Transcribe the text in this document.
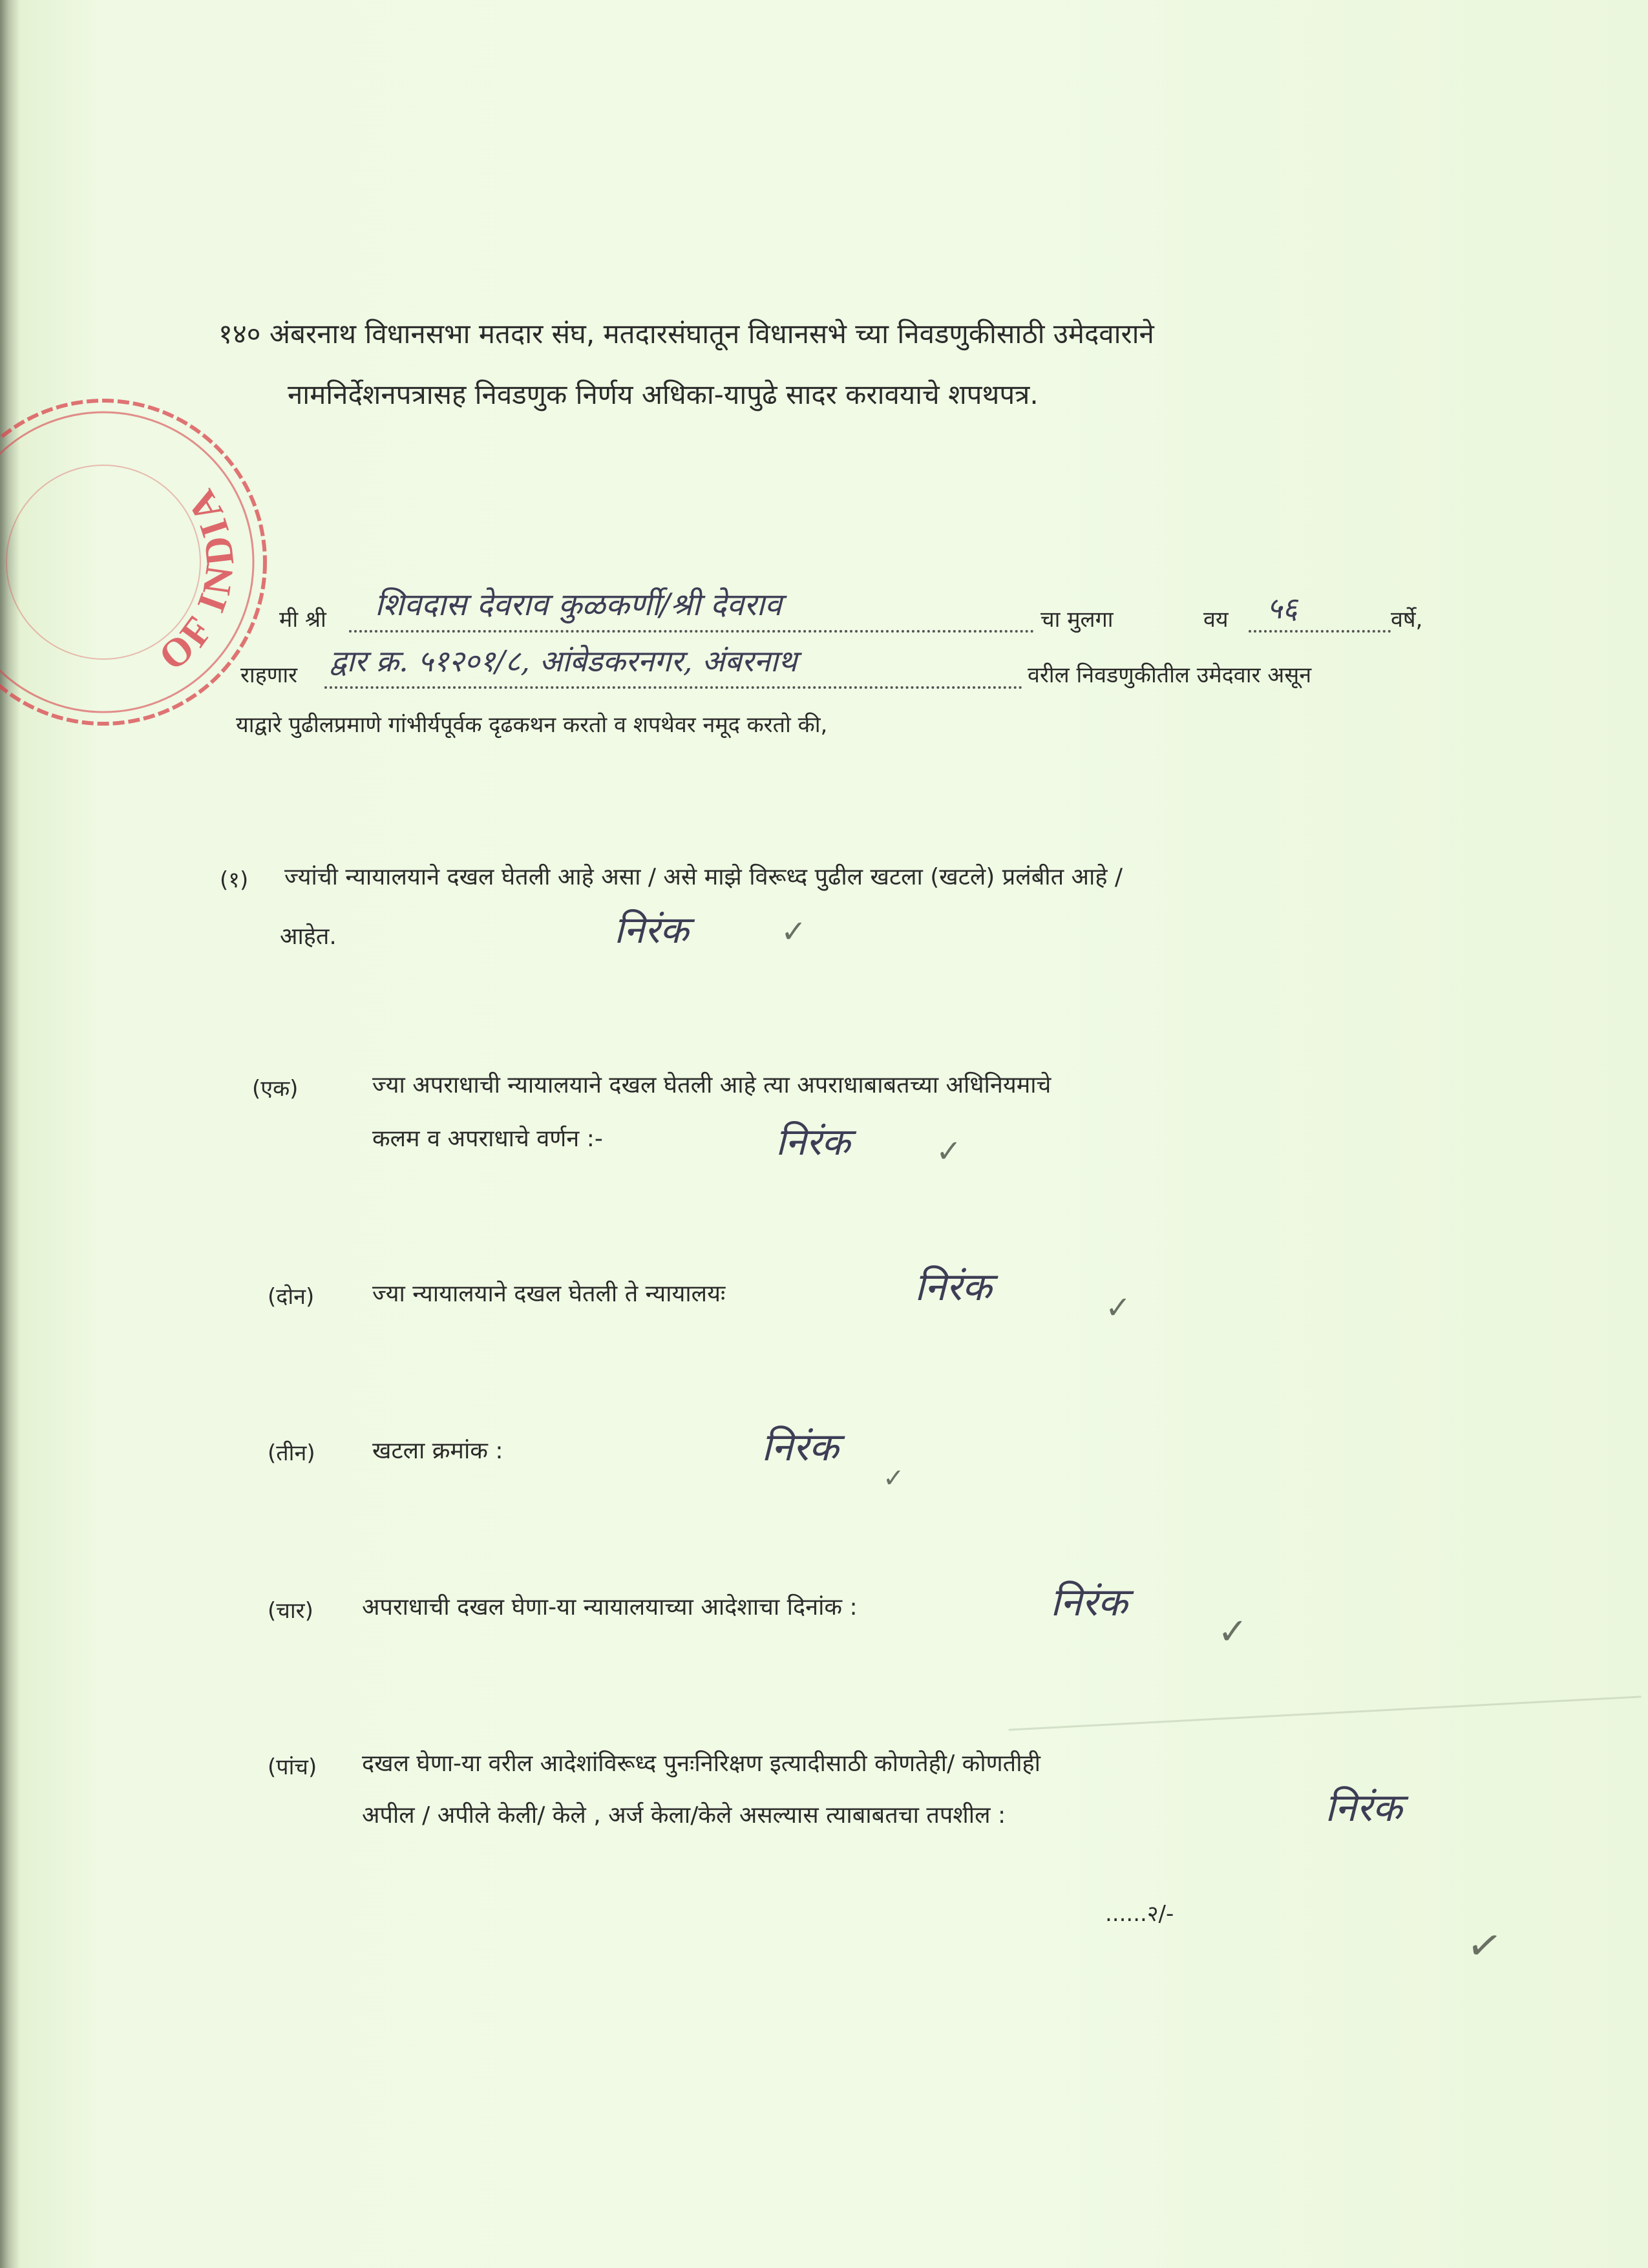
OF INDIA
१४० अंबरनाथ विधानसभा मतदार संघ, मतदारसंघातून विधानसभे च्या निवडणुकीसाठी उमेदवाराने
नामनिर्देशनपत्रासह निवडणुक निर्णय अधिका-यापुढे सादर करावयाचे शपथपत्र.
मी श्री शिवदास देवराव कुळकर्णी/श्री देवराव	चा मुलगा	वय ५६	वर्षे,
राहणार द्वार क्र. ५१२०१/८, आंबेडकरनगर, अंबरनाथ	वरील निवडणुकीतील उमेदवार असून
याद्वारे पुढीलप्रमाणे गांभीर्यपूर्वक दृढकथन करतो व शपथेवर नमूद करतो की,
(१) ज्यांची न्यायालयाने दखल घेतली आहे असा / असे माझे विरूध्द पुढील खटला (खटले) प्रलंबीत आहे /
आहेत.	निरंक	✓
(एक)	ज्या अपराधाची न्यायालयाने दखल घेतली आहे त्या अपराधाबाबतच्या अधिनियमाचे
कलम व अपराधाचे वर्णन :-	निरंक	✓
(दोन) ज्या न्यायालयाने दखल घेतली ते न्यायालयः	निरंक	✓
(तीन) खटला क्रमांक :	निरंक
✓
(चार) अपराधाची दखल घेणा-या न्यायालयाच्या आदेशाचा दिनांक :	निरंक
✓
(पांच) दखल घेणा-या वरील आदेशांविरूध्द पुनःनिरिक्षण इत्यादीसाठी कोणतेही/ कोणतीही
अपील / अपीले केली/ केले , अर्ज केला/केले असल्यास त्याबाबतचा तपशील :	निरंक
......२/-
✓
